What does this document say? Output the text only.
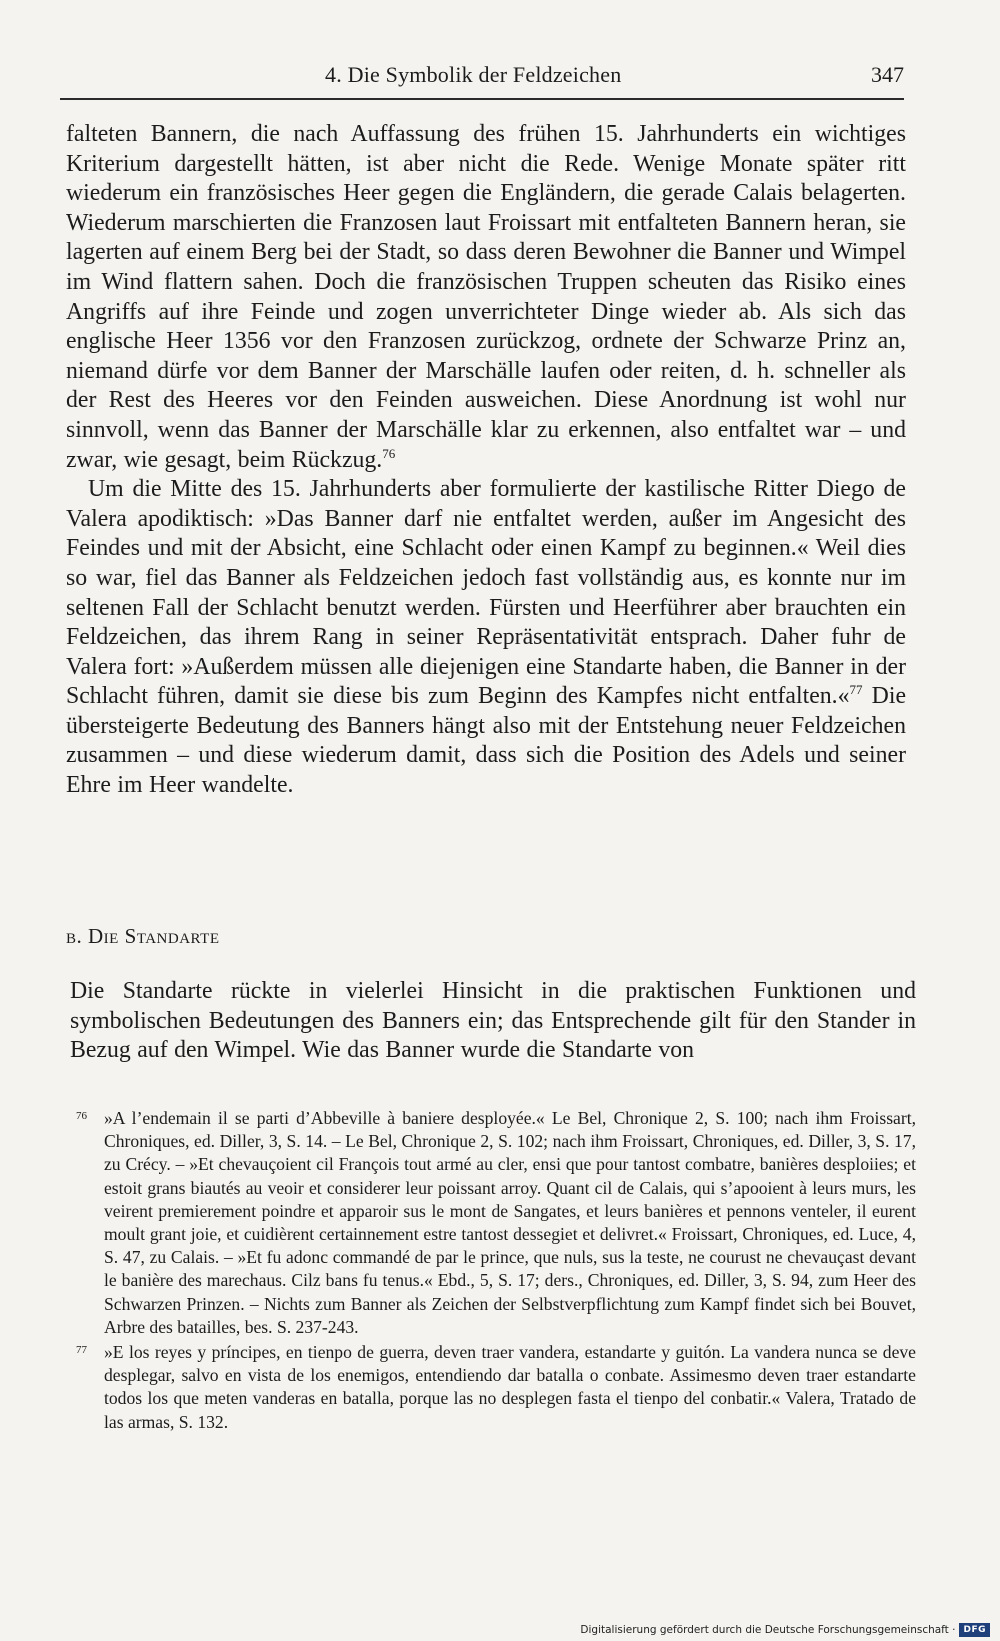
4. Die Symbolik der Feldzeichen	347

falteten Bannern, die nach Auffassung des frühen 15. Jahrhunderts ein wichtiges Kriterium dargestellt hätten, ist aber nicht die Rede. Wenige Monate später ritt wiederum ein französisches Heer gegen die Engländern, die gerade Calais belagerten. Wiederum marschierten die Franzosen laut Froissart mit entfalteten Bannern heran, sie lagerten auf einem Berg bei der Stadt, so dass deren Bewohner die Banner und Wimpel im Wind flattern sahen. Doch die französischen Truppen scheuten das Risiko eines Angriffs auf ihre Feinde und zogen unverrichteter Dinge wieder ab. Als sich das englische Heer 1356 vor den Franzosen zurückzog, ordnete der Schwarze Prinz an, niemand dürfe vor dem Banner der Marschälle laufen oder reiten, d. h. schneller als der Rest des Heeres vor den Feinden ausweichen. Diese Anordnung ist wohl nur sinnvoll, wenn das Banner der Marschälle klar zu erkennen, also entfaltet war – und zwar, wie gesagt, beim Rückzug.$^{76}$

Um die Mitte des 15. Jahrhunderts aber formulierte der kastilische Ritter Diego de Valera apodiktisch: »Das Banner darf nie entfaltet werden, außer im Angesicht des Feindes und mit der Absicht, eine Schlacht oder einen Kampf zu beginnen.« Weil dies so war, fiel das Banner als Feldzeichen jedoch fast vollständig aus, es konnte nur im seltenen Fall der Schlacht benutzt werden. Fürsten und Heerführer aber brauchten ein Feldzeichen, das ihrem Rang in seiner Repräsentativität entsprach. Daher fuhr de Valera fort: »Außerdem müssen alle diejenigen eine Standarte haben, die Banner in der Schlacht führen, damit sie diese bis zum Beginn des Kampfes nicht entfalten.«$^{77}$ Die übersteigerte Bedeutung des Banners hängt also mit der Entstehung neuer Feldzeichen zusammen – und diese wiederum damit, dass sich die Position des Adels und seiner Ehre im Heer wandelte.

b. Die Standarte

Die Standarte rückte in vielerlei Hinsicht in die praktischen Funktionen und symbolischen Bedeutungen des Banners ein; das Entsprechende gilt für den Stander in Bezug auf den Wimpel. Wie das Banner wurde die Standarte von

76 »A l’endemain il se parti d’Abbeville à baniere desployée.« Le Bel, Chronique 2, S. 100; nach ihm Froissart, Chroniques, ed. Diller, 3, S. 14. – Le Bel, Chronique 2, S. 102; nach ihm Froissart, Chroniques, ed. Diller, 3, S. 17, zu Crécy. – »Et chevauçoient cil François tout armé au cler, ensi que pour tantost combatre, banières desploiies; et estoit grans biautés au veoir et considerer leur poissant arroy. Quant cil de Calais, qui s’apooient à leurs murs, les veirent premierement poindre et apparoir sus le mont de Sangates, et leurs banières et pennons venteler, il eurent moult grant joie, et cuidièrent certainnement estre tantost dessegiet et delivret.« Froissart, Chroniques, ed. Luce, 4, S. 47, zu Calais. – »Et fu adonc commandé de par le prince, que nuls, sus la teste, ne courust ne chevauçast devant le banière des marechaus. Cilz bans fu tenus.« Ebd., 5, S. 17; ders., Chroniques, ed. Diller, 3, S. 94, zum Heer des Schwarzen Prinzen. – Nichts zum Banner als Zeichen der Selbstverpflichtung zum Kampf findet sich bei Bouvet, Arbre des batailles, bes. S. 237-243.
77 »E los reyes y príncipes, en tienpo de guerra, deven traer vandera, estandarte y guitón. La vandera nunca se deve desplegar, salvo en vista de los enemigos, entendiendo dar batalla o conbate. Assimesmo deven traer estandarte todos los que meten vanderas en batalla, porque las no desplegen fasta el tienpo del conbatir.« Valera, Tratado de las armas, S. 132.
Digitalisierung gefördert durch die Deutsche Forschungsgemeinschaft · DFG
